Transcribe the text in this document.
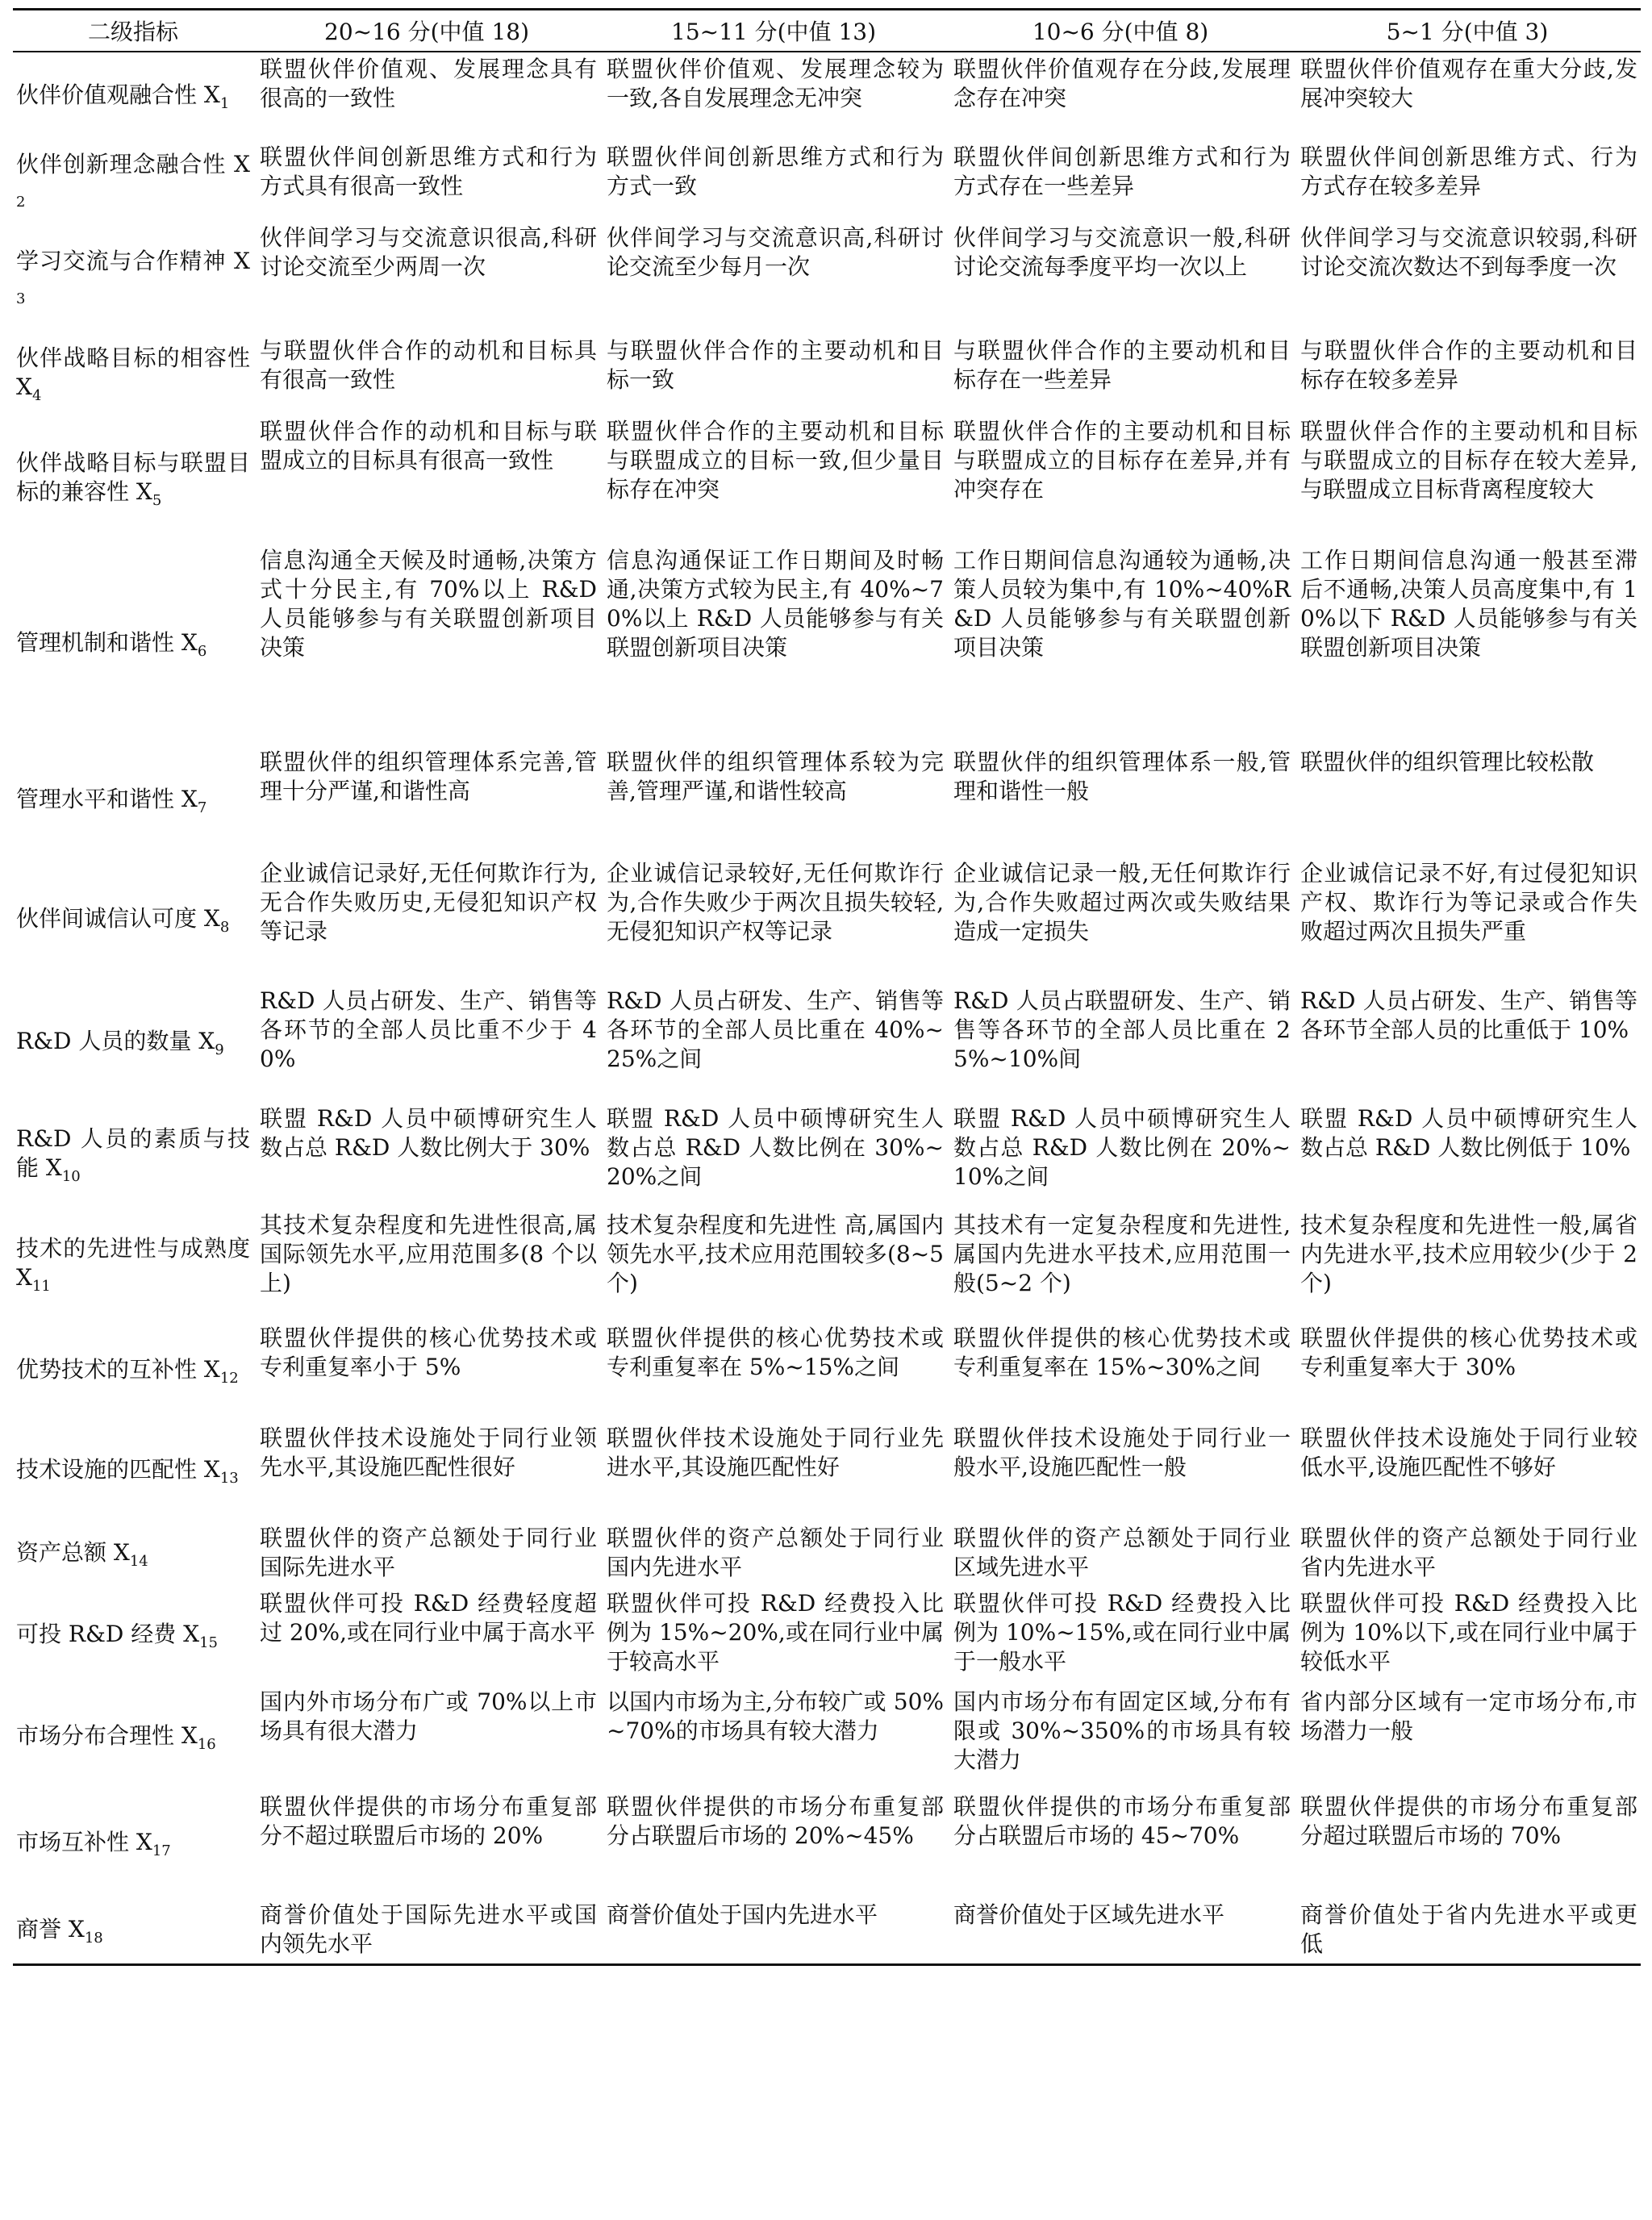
二级指标	20~16 分(中值 18)	15~11 分(中值 13)	10~6 分(中值 8)	5~1 分(中值 3)
伙伴价值观融合性 $X_1$	联盟伙伴价值观、发展理念具有很高的一致性	联盟伙伴价值观、发展理念较为一致,各自发展理念无冲突	联盟伙伴价值观存在分歧,发展理念存在冲突	联盟伙伴价值观存在重大分歧,发展冲突较大
伙伴创新理念融合性 $X_2$	联盟伙伴间创新思维方式和行为方式具有很高一致性	联盟伙伴间创新思维方式和行为方式一致	联盟伙伴间创新思维方式和行为方式存在一些差异	联盟伙伴间创新思维方式、行为方式存在较多差异
学习交流与合作精神 $X_3$	伙伴间学习与交流意识很高,科研讨论交流至少两周一次	伙伴间学习与交流意识高,科研讨论交流至少每月一次	伙伴间学习与交流意识一般,科研讨论交流每季度平均一次以上	伙伴间学习与交流意识较弱,科研讨论交流次数达不到每季度一次
伙伴战略目标的相容性 $X_4$	与联盟伙伴合作的动机和目标具有很高一致性	与联盟伙伴合作的主要动机和目标一致	与联盟伙伴合作的主要动机和目标存在一些差异	与联盟伙伴合作的主要动机和目标存在较多差异
伙伴战略目标与联盟目标的兼容性 $X_5$	联盟伙伴合作的动机和目标与联盟成立的目标具有很高一致性	联盟伙伴合作的主要动机和目标与联盟成立的目标一致,但少量目标存在冲突	联盟伙伴合作的主要动机和目标与联盟成立的目标存在差异,并有冲突存在	联盟伙伴合作的主要动机和目标与联盟成立的目标存在较大差异,与联盟成立目标背离程度较大
管理机制和谐性 $X_6$	信息沟通全天候及时通畅,决策方式十分民主,有 70%以上 R&D 人员能够参与有关联盟创新项目决策	信息沟通保证工作日期间及时畅通,决策方式较为民主,有 40%~70%以上 R&D 人员能够参与有关联盟创新项目决策	工作日期间信息沟通较为通畅,决策人员较为集中,有 10%~40%R&D 人员能够参与有关联盟创新项目决策	工作日期间信息沟通一般甚至滞后不通畅,决策人员高度集中,有 10%以下 R&D 人员能够参与有关联盟创新项目决策
管理水平和谐性 $X_7$	联盟伙伴的组织管理体系完善,管理十分严谨,和谐性高	联盟伙伴的组织管理体系较为完善,管理严谨,和谐性较高	联盟伙伴的组织管理体系一般,管理和谐性一般	联盟伙伴的组织管理比较松散
伙伴间诚信认可度 $X_8$	企业诚信记录好,无任何欺诈行为,无合作失败历史,无侵犯知识产权等记录	企业诚信记录较好,无任何欺诈行为,合作失败少于两次且损失较轻,无侵犯知识产权等记录	企业诚信记录一般,无任何欺诈行为,合作失败超过两次或失败结果造成一定损失	企业诚信记录不好,有过侵犯知识产权、欺诈行为等记录或合作失败超过两次且损失严重
R&D 人员的数量 $X_9$	R&D 人员占研发、生产、销售等各环节的全部人员比重不少于 40%	R&D 人员占研发、生产、销售等各环节的全部人员比重在 40%~25%之间	R&D 人员占联盟研发、生产、销售等各环节的全部人员比重在 25%~10%间	R&D 人员占研发、生产、销售等各环节全部人员的比重低于 10%
R&D 人员的素质与技能 $X_{10}$	联盟 R&D 人员中硕博研究生人数占总 R&D 人数比例大于 30%	联盟 R&D 人员中硕博研究生人数占总 R&D 人数比例在 30%~20%之间	联盟 R&D 人员中硕博研究生人数占总 R&D 人数比例在 20%~10%之间	联盟 R&D 人员中硕博研究生人数占总 R&D 人数比例低于 10%
技术的先进性与成熟度 $X_{11}$	其技术复杂程度和先进性很高,属国际领先水平,应用范围多(8 个以上)	技术复杂程度和先进性 高,属国内领先水平,技术应用范围较多(8~5 个)	其技术有一定复杂程度和先进性,属国内先进水平技术,应用范围一般(5~2 个)	技术复杂程度和先进性一般,属省内先进水平,技术应用较少(少于 2 个)
优势技术的互补性 $X_{12}$	联盟伙伴提供的核心优势技术或专利重复率小于 5%	联盟伙伴提供的核心优势技术或专利重复率在 5%~15%之间	联盟伙伴提供的核心优势技术或专利重复率在 15%~30%之间	联盟伙伴提供的核心优势技术或专利重复率大于 30%
技术设施的匹配性 $X_{13}$	联盟伙伴技术设施处于同行业领先水平,其设施匹配性很好	联盟伙伴技术设施处于同行业先进水平,其设施匹配性好	联盟伙伴技术设施处于同行业一般水平,设施匹配性一般	联盟伙伴技术设施处于同行业较低水平,设施匹配性不够好
资产总额 $X_{14}$	联盟伙伴的资产总额处于同行业国际先进水平	联盟伙伴的资产总额处于同行业国内先进水平	联盟伙伴的资产总额处于同行业区域先进水平	联盟伙伴的资产总额处于同行业省内先进水平
可投 R&D 经费 $X_{15}$	联盟伙伴可投 R&D 经费轻度超过 20%,或在同行业中属于高水平	联盟伙伴可投 R&D 经费投入比例为 15%~20%,或在同行业中属于较高水平	联盟伙伴可投 R&D 经费投入比例为 10%~15%,或在同行业中属于一般水平	联盟伙伴可投 R&D 经费投入比例为 10%以下,或在同行业中属于较低水平
市场分布合理性 $X_{16}$	国内外市场分布广或 70%以上市场具有很大潜力	以国内市场为主,分布较广或 50%~70%的市场具有较大潜力	国内市场分布有固定区域,分布有限或 30%~350%的市场具有较大潜力	省内部分区域有一定市场分布,市场潜力一般
市场互补性 $X_{17}$	联盟伙伴提供的市场分布重复部分不超过联盟后市场的 20%	联盟伙伴提供的市场分布重复部分占联盟后市场的 20%~45%	联盟伙伴提供的市场分布重复部分占联盟后市场的 45~70%	联盟伙伴提供的市场分布重复部分超过联盟后市场的 70%
商誉 $X_{18}$	商誉价值处于国际先进水平或国内领先水平	商誉价值处于国内先进水平	商誉价值处于区域先进水平	商誉价值处于省内先进水平或更低
